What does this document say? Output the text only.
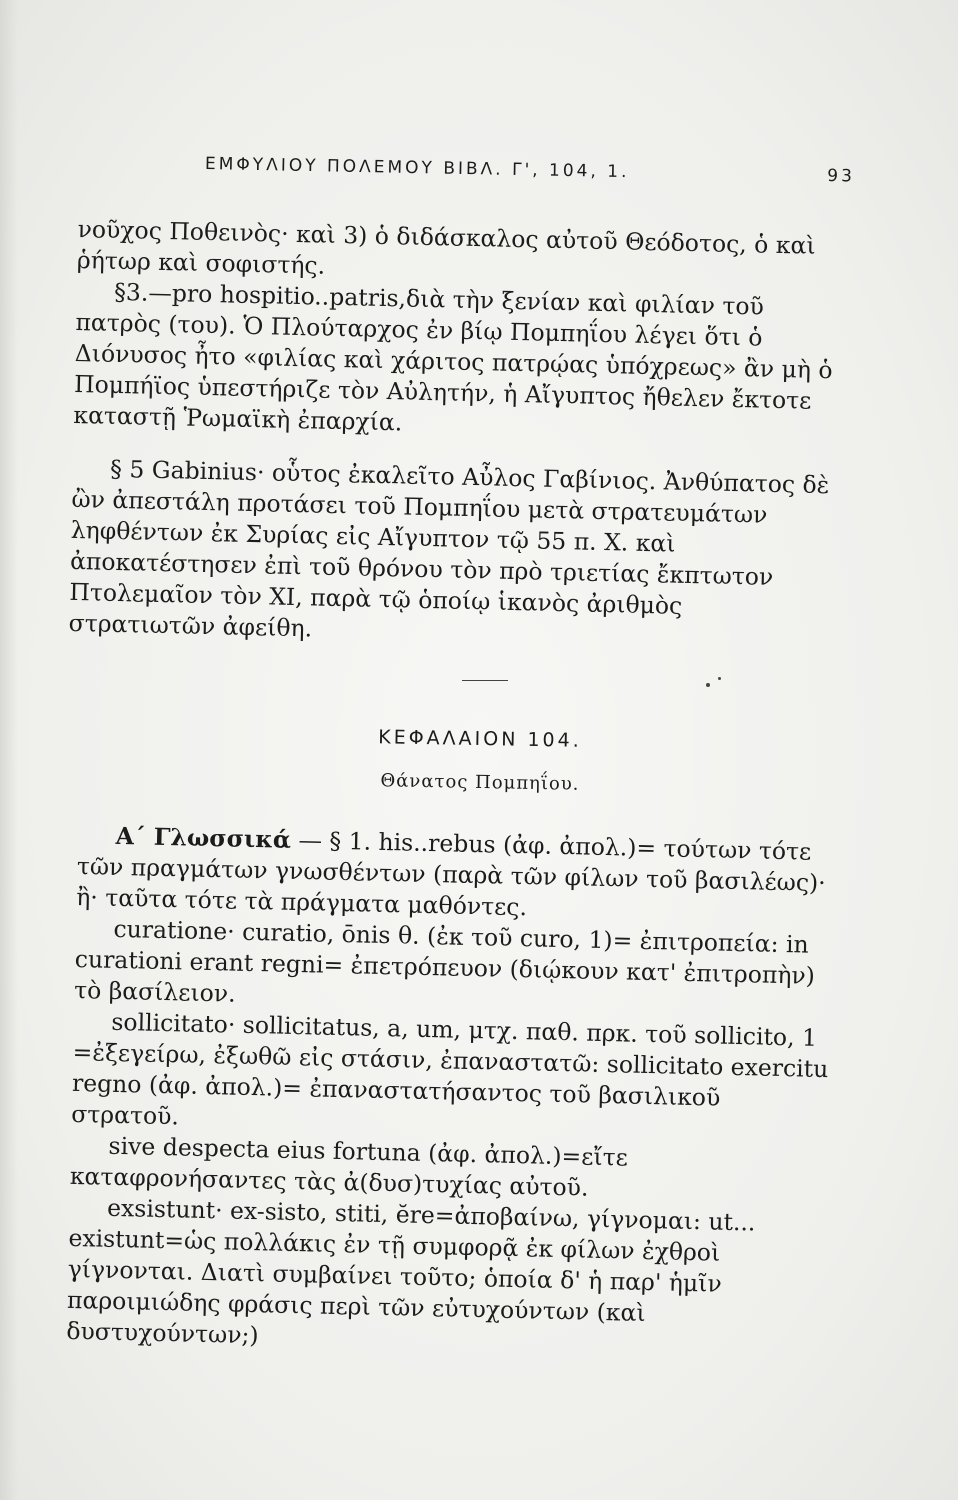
ΕΜΦΥΛΙΟΥ ΠΟΛΕΜΟΥ ΒΙΒΛ. Γ', 104, 1.	93

νοῦχος Ποθεινὸς· καὶ 3) ὁ διδάσκαλος αὐτοῦ Θεόδοτος, ὁ καὶ ῥήτωρ καὶ σοφιστής.

§3.—pro hospitio..patris,διὰ τὴν ξενίαν καὶ φιλίαν τοῦ πατρὸς (του). Ὁ Πλούταρχος ἐν βίῳ Πομπηΐου λέγει ὅτι ὁ Διόνυσος ἦτο «φιλίας καὶ χάριτος πατρῴας ὑπόχρεως» ἂν μὴ ὁ Πομπήϊος ὑπεστήριζε τὸν Αὐλητήν, ἡ Αἴγυπτος ἤθελεν ἔκτοτε καταστῇ Ῥωμαϊκὴ ἐπαρχία.

§ 5 Gabinius· οὗτος ἐκαλεῖτο Αὖλος Γαβίνιος. Ἀνθύπατος δὲ ὢν ἀπεστάλη προτάσει τοῦ Πομπηΐου μετὰ στρατευμάτων ληφθέντων ἐκ Συρίας εἰς Αἴγυπτον τῷ 55 π. Χ. καὶ ἀποκατέστησεν ἐπὶ τοῦ θρόνου τὸν πρὸ τριετίας ἔκπτωτον Πτολεμαῖον τὸν XI, παρὰ τῷ ὁποίῳ ἱκανὸς ἀριθμὸς στρατιωτῶν ἀφείθη.

ΚΕΦΑΛΑΙΟΝ 104.
Θάνατος Πομπηΐου.

Α΄ Γλωσσικά — § 1. his..rebus (ἀφ. ἀπολ.)= τούτων τότε τῶν πραγμάτων γνωσθέντων (παρὰ τῶν φίλων τοῦ βασιλέως)· ἢ· ταῦτα τότε τὰ πράγματα μαθόντες.

curatione· curatio, ōnis θ. (ἐκ τοῦ curo, 1)= ἐπιτροπεία: in curationi erant regni= ἐπετρόπευον (διῴκουν κατ' ἐπιτροπὴν) τὸ βασίλειον.

sollicitato· sollicitatus, a, um, μτχ. παθ. πρκ. τοῦ sollicito, 1 =ἐξεγείρω, ἐξωθῶ εἰς στάσιν, ἐπαναστατῶ: sollicitato exercitu regno (ἀφ. ἀπολ.)= ἐπαναστατήσαντος τοῦ βασιλικοῦ στρατοῦ.

sive despecta eius fortuna (ἀφ. ἀπολ.)=εἴτε καταφρονήσαντες τὰς ἀ(δυσ)τυχίας αὐτοῦ.

exsistunt· ex-sisto, stiti, ĕre=ἀποβαίνω, γίγνομαι: ut... existunt=ὡς πολλάκις ἐν τῇ συμφορᾷ ἐκ φίλων ἐχθροὶ γίγνονται. Διατὶ συμβαίνει τοῦτο; ὁποία δ' ἡ παρ' ἡμῖν παροιμιώδης φράσις περὶ τῶν εὐτυχούντων (καὶ δυστυχούντων;)
